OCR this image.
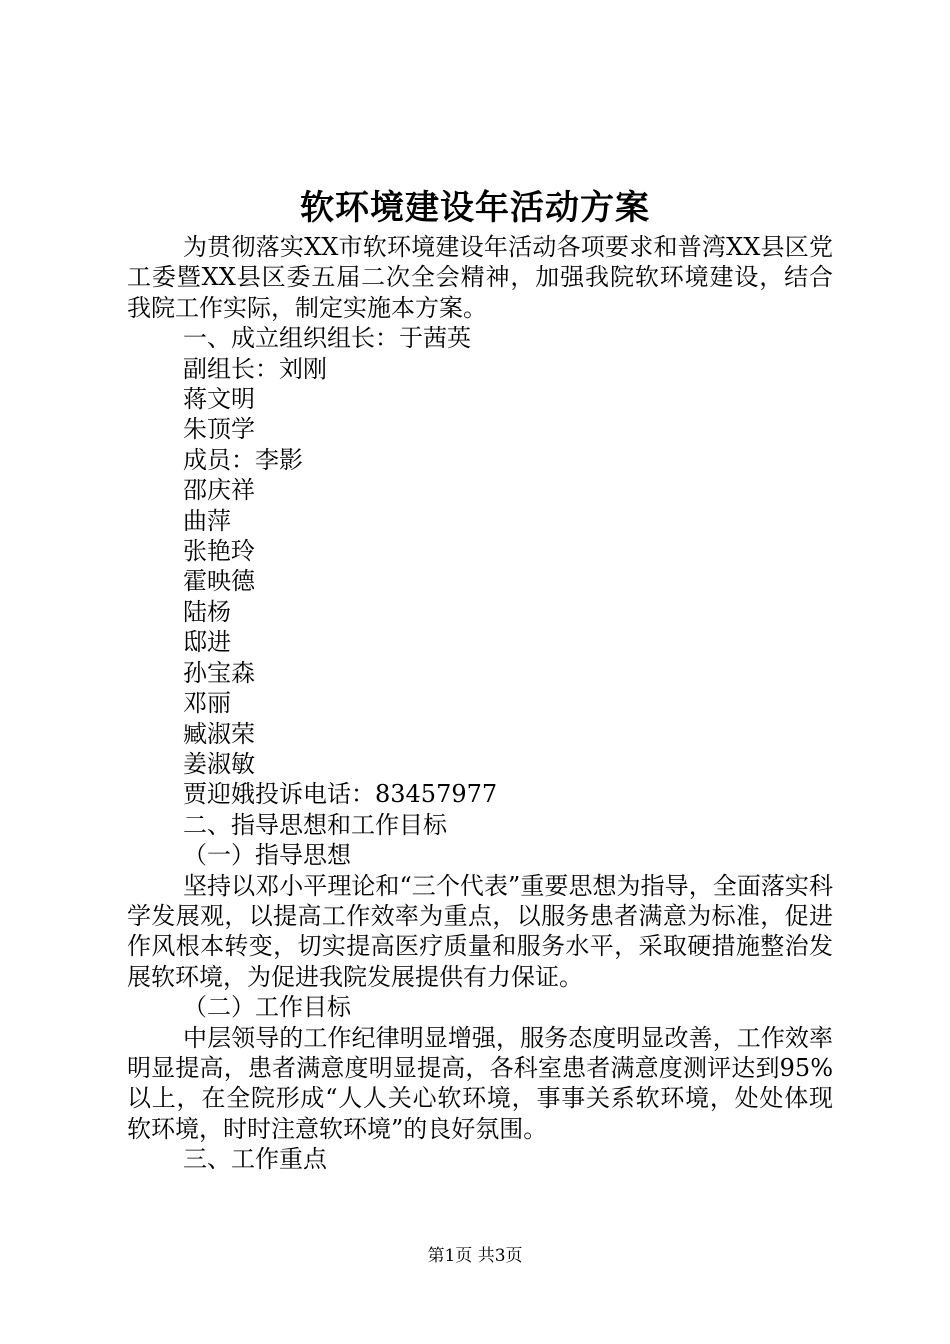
软环境建设年活动方案

为贯彻落实XX市软环境建设年活动各项要求和普湾XX县区党工委暨XX县区委五届二次全会精神，加强我院软环境建设，结合我院工作实际，制定实施本方案。

一、成立组织组长：于茜英

副组长：刘刚

蒋文明

朱顶学

成员：李影

邵庆祥

曲萍

张艳玲

霍映德

陆杨

邸进

孙宝森

邓丽

臧淑荣

姜淑敏

贾迎娥投诉电话：83457977

二、指导思想和工作目标

（一）指导思想

坚持以邓小平理论和“三个代表”重要思想为指导，全面落实科学发展观，以提高工作效率为重点，以服务患者满意为标准，促进作风根本转变，切实提高医疗质量和服务水平，采取硬措施整治发展软环境，为促进我院发展提供有力保证。

（二）工作目标

中层领导的工作纪律明显增强，服务态度明显改善，工作效率明显提高，患者满意度明显提高，各科室患者满意度测评达到95%以上，在全院形成“人人关心软环境，事事关系软环境，处处体现软环境，时时注意软环境”的良好氛围。

三、工作重点

第1页 共3页
